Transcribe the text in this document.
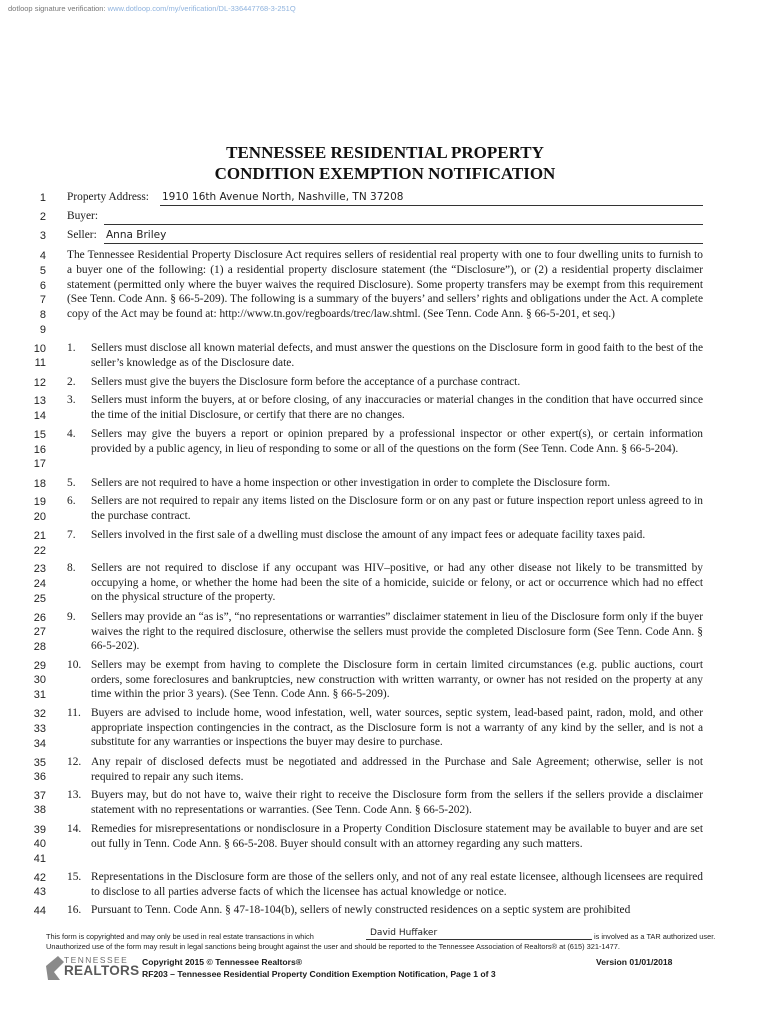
dotloop signature verification: www.dotloop.com/my/verification/DL-336447768-3-251Q
TENNESSEE RESIDENTIAL PROPERTY
CONDITION EXEMPTION NOTIFICATION
1
2
3
4
5
6
7
8
9
10
11
12
13
14
15
16
17
18
19
20
21
22
23
24
25
26
27
28
29
30
31
32
33
34
35
36
37
38
39
40
41
42
43
44
Property Address: 1910 16th Avenue North, Nashville, TN 37208
Buyer:
Seller: Anna Briley
The Tennessee Residential Property Disclosure Act requires sellers of residential real property with one to four dwelling units to furnish to a buyer one of the following: (1) a residential property disclosure statement (the “Disclosure”), or (2) a residential property disclaimer statement (permitted only where the buyer waives the required Disclosure). Some property transfers may be exempt from this requirement (See Tenn. Code Ann. § 66-5-209). The following is a summary of the buyers’ and sellers’ rights and obligations under the Act. A complete copy of the Act may be found at: http://www.tn.gov/regboards/trec/law.shtml. (See Tenn. Code Ann. § 66-5-201, et seq.)
1.	Sellers must disclose all known material defects, and must answer the questions on the Disclosure form in good faith to the best of the seller’s knowledge as of the Disclosure date.
2.	Sellers must give the buyers the Disclosure form before the acceptance of a purchase contract.
3.	Sellers must inform the buyers, at or before closing, of any inaccuracies or material changes in the condition that have occurred since the time of the initial Disclosure, or certify that there are no changes.
4.	Sellers may give the buyers a report or opinion prepared by a professional inspector or other expert(s), or certain information provided by a public agency, in lieu of responding to some or all of the questions on the form (See Tenn. Code Ann. § 66-5-204).
5.	Sellers are not required to have a home inspection or other investigation in order to complete the Disclosure form.
6.	Sellers are not required to repair any items listed on the Disclosure form or on any past or future inspection report unless agreed to in the purchase contract.
7.	Sellers involved in the first sale of a dwelling must disclose the amount of any impact fees or adequate facility taxes paid.
8.	Sellers are not required to disclose if any occupant was HIV–positive, or had any other disease not likely to be transmitted by occupying a home, or whether the home had been the site of a homicide, suicide or felony, or act or occurrence which had no effect on the physical structure of the property.
9.	Sellers may provide an “as is”, “no representations or warranties” disclaimer statement in lieu of the Disclosure form only if the buyer waives the right to the required disclosure, otherwise the sellers must provide the completed Disclosure form (See Tenn. Code Ann. § 66-5-202).
10. Sellers may be exempt from having to complete the Disclosure form in certain limited circumstances (e.g. public auctions, court orders, some foreclosures and bankruptcies, new construction with written warranty, or owner has not resided on the property at any time within the prior 3 years). (See Tenn. Code Ann. § 66-5-209).
11. Buyers are advised to include home, wood infestation, well, water sources, septic system, lead-based paint, radon, mold, and other appropriate inspection contingencies in the contract, as the Disclosure form is not a warranty of any kind by the seller, and is not a substitute for any warranties or inspections the buyer may desire to purchase.
12. Any repair of disclosed defects must be negotiated and addressed in the Purchase and Sale Agreement; otherwise, seller is not required to repair any such items.
13. Buyers may, but do not have to, waive their right to receive the Disclosure form from the sellers if the sellers provide a disclaimer statement with no representations or warranties. (See Tenn. Code Ann. § 66-5-202).
14. Remedies for misrepresentations or nondisclosure in a Property Condition Disclosure statement may be available to buyer and are set out fully in Tenn. Code Ann. § 66-5-208. Buyer should consult with an attorney regarding any such matters.
15. Representations in the Disclosure form are those of the sellers only, and not of any real estate licensee, although licensees are required to disclose to all parties adverse facts of which the licensee has actual knowledge or notice.
16. Pursuant to Tenn. Code Ann. § 47-18-104(b), sellers of newly constructed residences on a septic system are prohibited
This form is copyrighted and may only be used in real estate transactions in which	David Huffaker	is involved as a TAR authorized user.
Unauthorized use of the form may result in legal sanctions being brought against the user and should be reported to the Tennessee Association of Realtors® at (615) 321-1477.
TENNESSEE
REALTORS
Copyright 2015 © Tennessee Realtors®
RF203 – Tennessee Residential Property Condition Exemption Notification, Page 1 of 3
Version 01/01/2018
